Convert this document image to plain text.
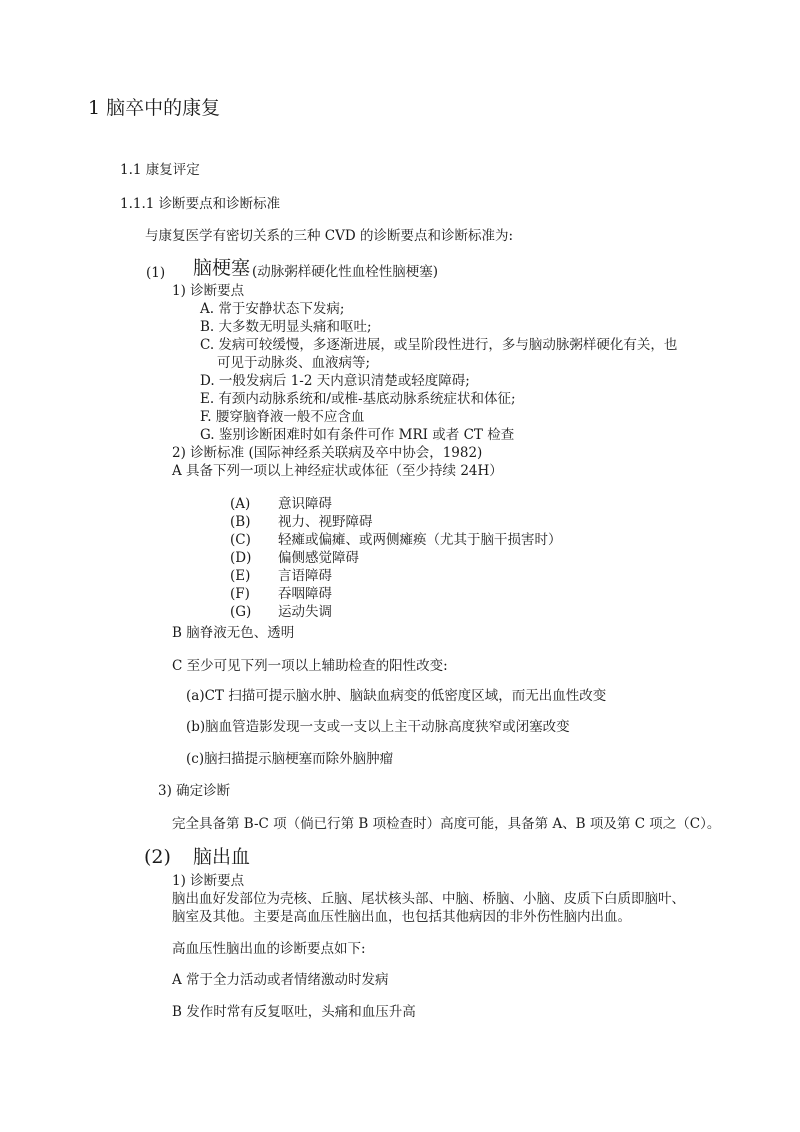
1 脑卒中的康复
1.1 康复评定
1.1.1 诊断要点和诊断标准
与康复医学有密切关系的三种 CVD 的诊断要点和诊断标准为:
(1) 脑梗塞 (动脉粥样硬化性血栓性脑梗塞)
1) 诊断要点
A. 常于安静状态下发病;
B. 大多数无明显头痛和呕吐;
C. 发病可较缓慢，多逐渐进展，或呈阶段性进行，多与脑动脉粥样硬化有关，也
可见于动脉炎、血液病等;
D. 一般发病后 1-2 天内意识清楚或轻度障碍;
E. 有颈内动脉系统和/或椎-基底动脉系统症状和体征;
F. 腰穿脑脊液一般不应含血
G. 鉴别诊断困难时如有条件可作 MRI 或者 CT 检查
2) 诊断标准 (国际神经系关联病及卒中协会，1982)
A 具备下列一项以上神经症状或体征（至少持续 24H）
(A) 意识障碍
(B) 视力、视野障碍
(C) 轻瘫或偏瘫、或两侧瘫痪（尤其于脑干损害时）
(D) 偏侧感觉障碍
(E) 言语障碍
(F) 吞咽障碍
(G) 运动失调
B 脑脊液无色、透明
C 至少可见下列一项以上辅助检查的阳性改变:
(a)CT 扫描可提示脑水肿、脑缺血病变的低密度区域，而无出血性改变
(b)脑血管造影发现一支或一支以上主干动脉高度狭窄或闭塞改变
(c)脑扫描提示脑梗塞而除外脑肿瘤
3) 确定诊断
完全具备第 B-C 项（倘已行第 B 项检查时）高度可能，具备第 A、B 项及第 C 项之（C）。
(2) 脑出血
1) 诊断要点
脑出血好发部位为壳核、丘脑、尾状核头部、中脑、桥脑、小脑、皮质下白质即脑叶、
脑室及其他。主要是高血压性脑出血，也包括其他病因的非外伤性脑内出血。
高血压性脑出血的诊断要点如下:
A 常于全力活动或者情绪激动时发病
B 发作时常有反复呕吐，头痛和血压升高
